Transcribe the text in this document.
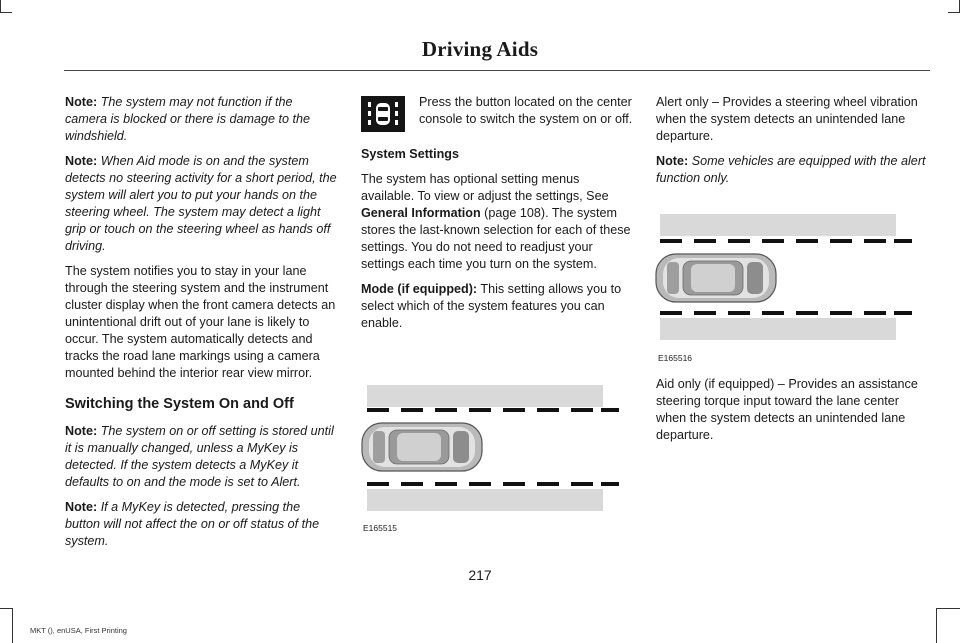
Driving Aids

Note: The system may not function if the camera is blocked or there is damage to the windshield.

Note: When Aid mode is on and the system detects no steering activity for a short period, the system will alert you to put your hands on the steering wheel. The system may detect a light grip or touch on the steering wheel as hands off driving.

The system notifies you to stay in your lane through the steering system and the instrument cluster display when the front camera detects an unintentional drift out of your lane is likely to occur. The system automatically detects and tracks the road lane markings using a camera mounted behind the interior rear view mirror.

Switching the System On and Off

Note: The system on or off setting is stored until it is manually changed, unless a MyKey is detected. If the system detects a MyKey it defaults to on and the mode is set to Alert.

Note: If a MyKey is detected, pressing the button will not affect the on or off status of the system.

Press the button located on the center console to switch the system on or off.
System Settings

The system has optional setting menus available. To view or adjust the settings, See General Information (page 108). The system stores the last-known selection for each of these settings. You do not need to readjust your settings each time you turn on the system.

Mode (if equipped): This setting allows you to select which of the system features you can enable.

E165515

Alert only – Provides a steering wheel vibration when the system detects an unintended lane departure.

Note: Some vehicles are equipped with the alert function only.

E165516

Aid only (if equipped) – Provides an assistance steering torque input toward the lane center when the system detects an unintended lane departure.

217
MKT (), enUSA, First Printing
